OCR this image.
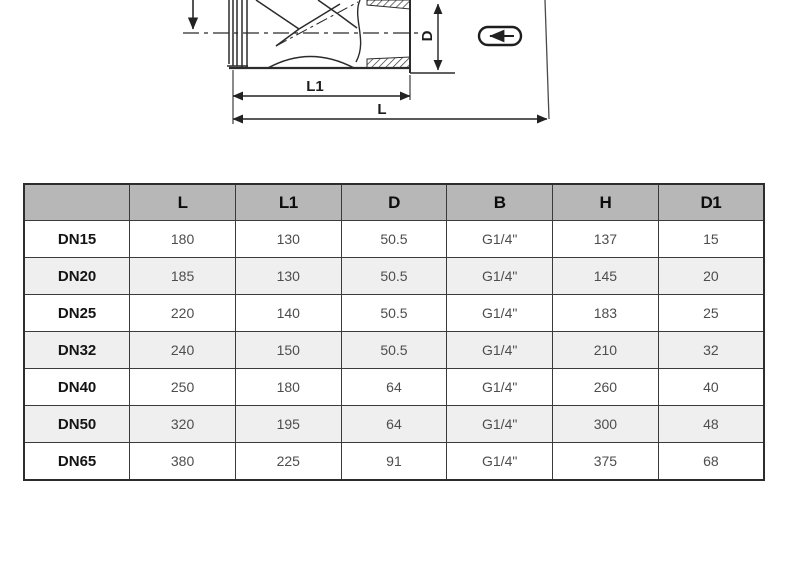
D
L1
L
	L	L1	D	B	H	D1
DN15	180	130	50.5	G1/4"	137	15
DN20	185	130	50.5	G1/4"	145	20
DN25	220	140	50.5	G1/4"	183	25
DN32	240	150	50.5	G1/4"	210	32
DN40	250	180	64	G1/4"	260	40
DN50	320	195	64	G1/4"	300	48
DN65	380	225	91	G1/4"	375	68
